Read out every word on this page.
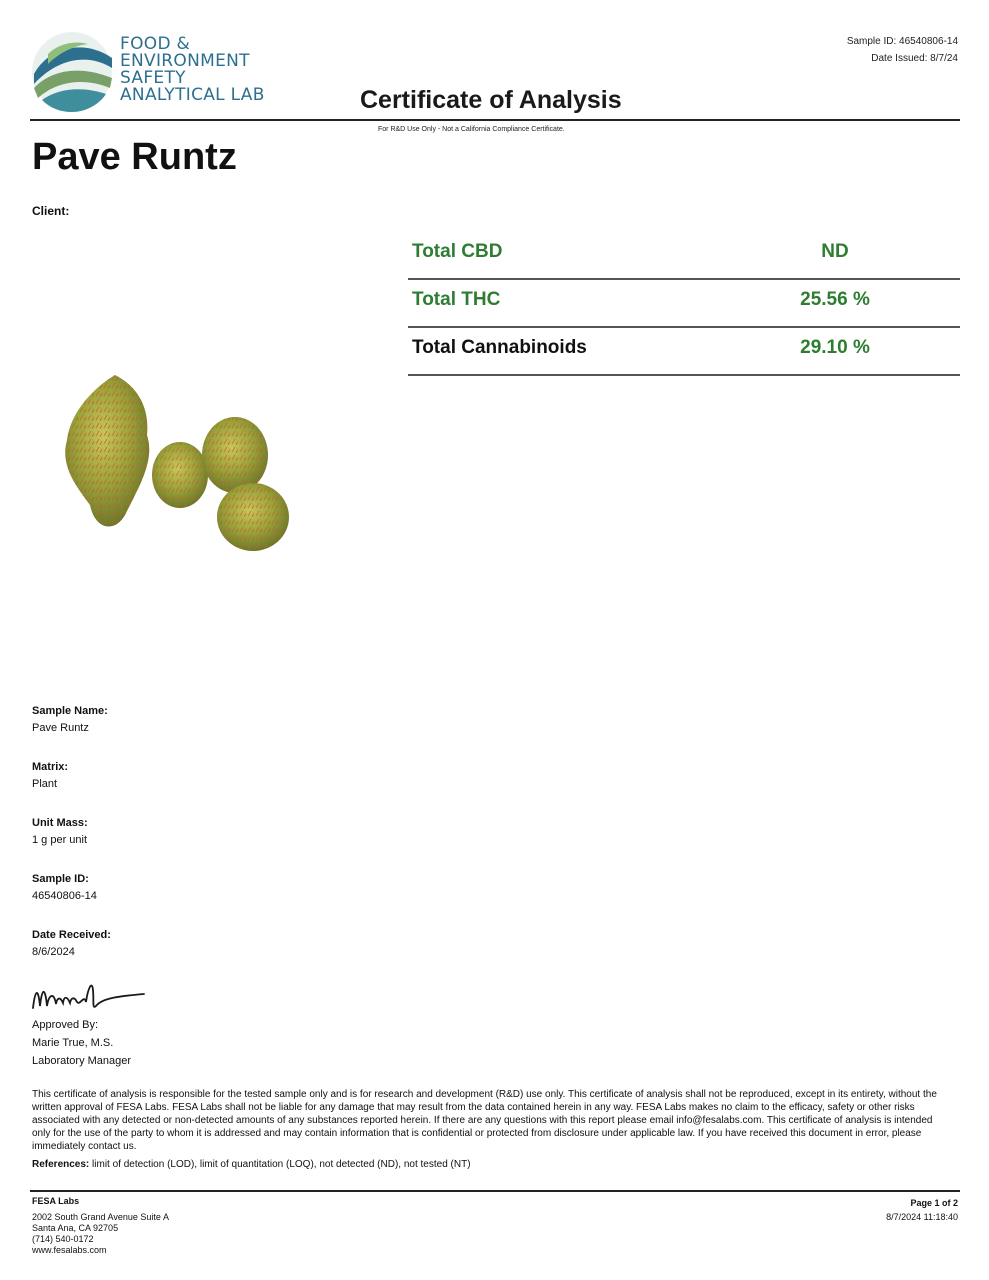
FOOD &
ENVIRONMENT
SAFETY
ANALYTICAL LAB	Certificate of Analysis
Sample ID: 46540806-14
Date Issued: 8/7/24
For R&D Use Only - Not a California Compliance Certificate.
Pave Runtz
Client:
Total CBD	ND
Total THC	25.56 %
Total Cannabinoids	29.10 %
Sample Name:
Pave Runtz
Matrix:
Plant
Unit Mass:
1 g per unit
Sample ID:
46540806-14
Date Received:
8/6/2024
Approved By:
Marie True, M.S.
Laboratory Manager
This certificate of analysis is responsible for the tested sample only and is for research and development (R&D) use only. This certificate of analysis shall not be reproduced, except in its entirety, without the written approval of FESA Labs. FESA Labs shall not be liable for any damage that may result from the data contained herein in any way. FESA Labs makes no claim to the efficacy, safety or other risks associated with any detected or non-detected amounts of any substances reported herein. If there are any questions with this report please email info@fesalabs.com. This certificate of analysis is intended only for the use of the party to whom it is addressed and may contain information that is confidential or protected from disclosure under applicable law. If you have received this document in error, please immediately contact us.
References: limit of detection (LOD), limit of quantitation (LOQ), not detected (ND), not tested (NT)
FESA Labs
2002 South Grand Avenue Suite A
Santa Ana, CA 92705
(714) 540-0172
www.fesalabs.com
Page 1 of 2
8/7/2024 11:18:40
